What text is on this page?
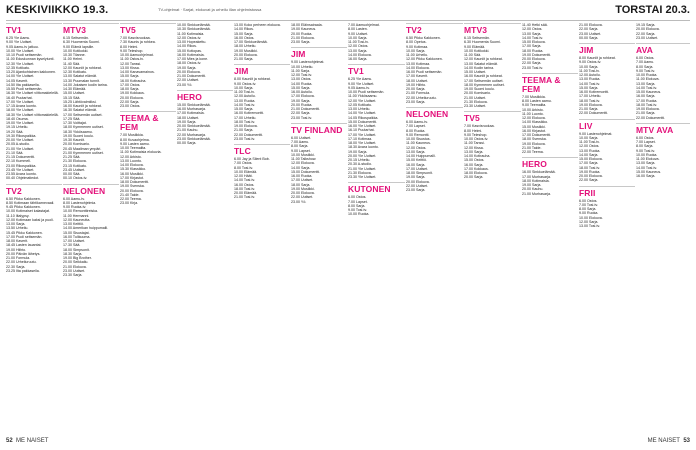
KESKIVIIKKO 19.3.	TV-ohjelmat · Sarjat, elokuvat ja urheilu illan ohjelmistossa	TORSTAI 20.3.
TV1
6.25 Yle Aamu.
9.00 Yle Uutiset.
9.05 Aamu-tv jatkuu.
10.00 Yle Uutiset.
10.10 Puoli seitsemän.
11.00 Eduskunnan kyselytunti.
12.30 Yle Uutiset.
12.35 Kotikatu.
13.20 Ajankohtainen kakkonen.
14.00 Yle Uutiset.
14.05 Kaverit.
14.50 Ilta pakkasella.
15.55 Puoli seitsemän.
16.30 Yle Uutiset viittomakielellä.
16.40 Puutarhat.
17.00 Yle Uutiset.
17.15 Avara luonto.
18.00 Yle Uutiset.
18.30 Yle Uutiset viittomakielellä.
18.40 Osuma.
19.00 Yle Uutiset.
19.15 Urheilu.
19.20 Sää.
19.30 Rikospaikka.
20.00 Yle Uutiset.
20.05 A-studio.
21.00 Yle Uutiset.
21.10 Sää.
21.15 Dokumentti.
22.10 Kummeli.
23.00 Rikospaikka.
23.45 Yle Uutiset.
23.55 Avara luonto.
00.40 Ohjelmatiedot.
TV2
6.50 Pikku Kakkonen.
8.50 Kotimaan tähtikarnevaali.
9.45 Pikku Kakkonen.
10.00 Kotimaiset kalastajat.
11.10 Iltalypsy.
12.00 Kotimaan kaksi ja puoli.
13.00 Sarja.
13.50 Urheilu.
15.45 Pikku Kakkonen.
17.00 Puoli seitsemän.
18.00 Kaverit.
18.45 Lasten lauantai.
19.00 Hiihto.
20.00 Päivän lähetys.
21.00 Formula.
22.00 Urheiluruutu.
22.30 Sarja.
23.25 Ilta pakkasella.
MTV3
6.15 Seitsemän.
6.30 Huomenta Suomi.
9.00 Elämä lapsille.
10.00 Kotikokki.
10.30 Tilanne.
11.00 Helmi.
11.40 Sää.
12.00 Kauniit ja rohkeat.
12.30 Kotikatu.
13.00 Salatut elämät.
13.30 Puumalan tunnit.
14.00 Jokaisen kodin tarina.
14.30 Elämää.
15.00 Uutiset.
15.15 Sää.
15.25 Lähtövalmiiksi.
16.00 Kauniit ja rohkeat.
16.30 Salatut elämät.
17.00 Seitsemän uutiset.
17.25 Sää.
17.30 Voittajat.
18.00 Kymmenen uutiset.
18.30 Ykkösaamu.
19.00 Suomi koulu.
19.30 Kauniit.
20.00 Komisario.
20.45 Maailman ympäri.
21.00 Kymmenen uutiset.
21.25 Sää.
21.30 Elokuva.
23.15 Kotikatu.
23.45 Uutiset.
00.00 Sää.
00.10 Ostos-tv.
NELONEN
6.00 Aamu-tv.
8.00 Lastenohjelmia.
9.00 Ruoka-tv.
10.00 Remonttireiska.
11.00 Hermanni.
12.00 Kauneutta.
13.00 Keittiö.
14.00 Amerikan huippumalli.
15.00 Sisustajat.
16.00 Tulikuuma.
17.00 Uutiset.
17.30 Sää.
18.00 Simpsonit.
18.30 Sarja.
19.00 Big Brother.
20.00 Seikkailu.
21.00 Elokuva.
23.00 Uutiset.
23.30 Sarja.
TV5
7.00 Kasvisruokaa.
7.30 Kaunis ja rohkea.
8.00 Helmi.
9.00 Teleshop.
10.00 Aamuohjelmat.
11.00 Ostos-tv.
12.00 Tanssi.
13.00 Kissa.
14.00 Kanavamainos.
15.00 Sarja.
16.00 Kotirauha.
17.00 Ostos.
18.00 Sarja.
19.00 Kokkaus.
20.00 Elokuva.
22.00 Sarja.
23.00 Ostos.
TEEMA & FEM
7.00 Musiikkia.
8.00 Kuvaohjelma.
9.00 Lasten aamu.
10.00 Teemailta.
11.00 Kotimaisia elokuvia.
12.00 Arkisto.
13.00 Luonto.
14.00 Elokuva.
15.30 Klassikko.
16.00 Musiikki.
17.00 Kirjastot.
18.00 Dokumentti.
19.00 Svenska.
20.00 Elokuva.
21.40 Taide.
22.00 Teema.
23.00 Kirja.
10.00 Sinkkuelämää.
10.30 Sinkkuelämää.
11.00 Kotimaisia.
12.00 Ostos-tv.
13.00 Hopeakettu.
14.00 Rikos.
15.00 Kotiopas.
16.00 Kotimaisia.
17.00 Mies ja kone.
18.00 Ostos-tv.
19.00 Sarja.
20.00 Elokuva.
21.00 Dokumentti.
22.00 Uutiset.
23.00 Yö.
HERO
15.00 Sinkkuelämää.
16.00 Murhasarja.
17.00 Kotimaisia.
18.00 Uutiset.
19.00 Sarja.
20.00 Sinkkuelämää.
21.00 Kauhu.
22.00 Murhasarja.
23.00 Sinkkuelämää.
00.00 Sarja.
13.00 Koko perheen elokuva.
14.00 Rikos.
15.00 Sarja.
16.00 Ostos.
17.00 Sinkkuelämää.
18.00 Urheilu.
19.00 Musiikki.
20.00 Elokuva.
21.00 Sarja.
JIM
8.00 Kauniit ja rohkeat.
9.00 Ostos-tv.
10.00 Sarja.
11.00 Tosi-tv.
12.00 Autoilu.
13.00 Ruoka.
14.00 Tosi-tv.
15.00 Sarja.
16.00 Kotiremontti.
17.00 Urheilu.
18.00 Tosi-tv.
19.00 Elokuva.
21.00 Sarja.
22.00 Dokumentti.
23.00 Tosi-tv.
TLC
6.00 Jay ja Silent Bob.
7.00 Ostos.
8.00 Tosi-tv.
10.00 Elämää.
12.00 Häät.
14.00 Tosi-tv.
16.00 Ostos.
18.00 Tosi-tv.
20.00 Elämää.
21.00 Tosi-tv.
18.00 Eläinsairaala.
19.00 Kauneus.
20.00 Ruoka.
21.00 Elokuva.
23.00 Sarja.
JIM
9.00 Lastenohjelmat.
10.00 Urheilu.
11.00 Sarja.
12.00 Tosi-tv.
13.00 Ostos.
14.00 Ruoka.
15.00 Sarja.
16.00 Autoilu.
17.00 Elokuva.
19.00 Sarja.
20.00 Ruoka.
21.00 Dokumentti.
22.00 Sarja.
23.00 Tosi-tv.
TV FINLAND
6.00 Uutiset.
7.00 Aamu.
8.00 Sarja.
9.00 Lapset.
10.00 Musiikki.
11.00 Talkshow.
12.00 Elokuva.
14.00 Sarja.
15.00 Dokumentti.
16.00 Ruoka.
17.00 Uutiset.
18.00 Sarja.
19.00 Musiikki.
20.00 Elokuva.
22.00 Uutiset.
23.00 Yö.
7.00 Aamuohjelmat.
8.00 Lasten.
9.00 Uutiset.
10.00 Sarja.
11.00 Tosi-tv.
12.00 Ostos.
13.00 Sarja.
14.00 Elokuva.
16.00 Sarja.
TV1
6.25 Yle Aamu.
9.00 Yle Uutiset.
9.05 Aamu-tv.
10.00 Puoli seitsemän.
11.00 Ykkösaamu.
12.00 Yle Uutiset.
12.05 Kotikatu.
13.00 Urheilu.
14.00 Yle Uutiset.
14.05 Rikospaikka.
15.00 Dokumentti.
16.00 Yle Uutiset.
16.10 Puutarhat.
17.00 Yle Uutiset.
17.10 Kotimaa.
18.00 Yle Uutiset.
18.30 Avara luonto.
19.00 Sarja.
20.00 Yle Uutiset.
20.15 Urheilu.
20.30 A-studio.
21.00 Yle Uutiset.
21.30 Elokuva.
23.30 Yle Uutiset.
KUTONEN
6.00 Ostos.
7.00 Lapset.
8.00 Sarja.
9.00 Tosi-tv.
10.00 Ruoka.
TV2
6.50 Pikku Kakkonen.
8.00 Opetus.
9.00 Kotimaa.
10.00 Sarja.
11.00 Urheilu.
12.00 Pikku Kakkonen.
13.00 Kotimaa.
14.00 Elokuva.
16.00 Puoli seitsemän.
17.00 Kaverit.
18.00 Uutiset.
19.00 Hiihto.
20.00 Sarja.
21.00 Formula.
22.00 Urheiluruutu.
23.00 Sarja.
NELONEN
6.00 Aamu-tv.
7.00 Lapset.
8.00 Ruoka.
9.00 Remontti.
10.00 Sisustus.
11.00 Kauneus.
12.00 Ostos.
13.00 Sarja.
14.00 Huippumalli.
15.00 Keittiö.
16.00 Sarja.
17.00 Uutiset.
18.00 Simpsonit.
19.00 Sarja.
20.00 Elokuva.
22.00 Uutiset.
23.00 Sarja.
MTV3
6.15 Seitsemän.
6.30 Huomenta Suomi.
9.00 Elämää.
10.00 Kotikokki.
11.00 Sää.
12.00 Kauniit ja rohkeat.
13.00 Salatut elämät.
14.00 Kodin tarina.
15.00 Uutiset.
16.00 Kauniit ja rohkeat.
17.00 Seitsemän uutiset.
18.00 Kymmenen uutiset.
19.00 Suomi koulu.
20.00 Komisario.
21.00 Uutiset.
21.30 Elokuva.
23.30 Uutiset.
TV5
7.00 Kasvisruokaa.
8.00 Helmi.
9.00 Teleshop.
10.00 Ostos-tv.
11.00 Tanssi.
12.00 Kissa.
13.00 Sarja.
14.00 Kotirauha.
15.00 Ostos.
16.00 Sarja.
17.00 Kokkaus.
18.00 Elokuva.
20.00 Sarja.
11.40 Hetki sää.
12.00 Ostos.
13.00 Sarja.
14.00 Tosi-tv.
15.00 Elokuva.
17.00 Sarja.
18.00 Ruoka.
19.00 Dokumentti.
20.00 Elokuva.
22.00 Sarja.
23.00 Tosi-tv.
TEEMA & FEM
7.00 Musiikkia.
8.00 Lasten aamu.
9.00 Teemailta.
10.00 Arkisto.
11.00 Luonto.
12.00 Elokuva.
14.00 Klassikko.
15.00 Musiikki.
16.00 Kirjastot.
17.00 Dokumentti.
18.00 Svenska.
19.00 Elokuva.
21.00 Taide.
22.00 Teema.
HERO
16.00 Sinkkuelämää.
17.00 Murhasarja.
18.00 Kotimaisia.
19.00 Sarja.
20.00 Kauhu.
21.00 Murhasarja.
21.00 Elokuva.
22.00 Sarja.
23.00 Uutiset.
00.00 Sarja.
JIM
8.00 Kauniit ja rohkeat.
9.00 Ostos-tv.
10.00 Sarja.
11.00 Tosi-tv.
12.00 Autoilu.
13.00 Ruoka.
14.00 Tosi-tv.
15.00 Sarja.
16.00 Kotiremontti.
17.00 Urheilu.
18.00 Tosi-tv.
19.00 Elokuva.
21.00 Sarja.
22.00 Dokumentti.
LIV
9.00 Lastenohjelmat.
10.00 Sarja.
11.00 Tosi-tv.
12.00 Ostos.
13.00 Ruoka.
14.00 Sarja.
15.00 Elokuva.
17.00 Sarja.
18.00 Tosi-tv.
19.00 Ruoka.
20.00 Elokuva.
22.00 Sarja.
FRII
6.00 Ostos.
7.00 Tosi-tv.
8.00 Sarja.
9.00 Ruoka.
10.00 Elokuva.
12.00 Sarja.
13.00 Tosi-tv.
19.15 Sarja.
20.00 Elokuva.
22.00 Sarja.
23.00 Uutiset.
AVA
6.00 Ostos.
7.00 Aamu.
8.00 Sarja.
9.00 Tosi-tv.
10.00 Ruoka.
11.00 Elokuva.
13.00 Sarja.
14.00 Tosi-tv.
15.00 Kauneus.
16.00 Sarja.
17.00 Ruoka.
18.00 Tosi-tv.
19.00 Elokuva.
21.00 Sarja.
22.00 Dokumentti.
MTV AVA
6.00 Ostos.
7.00 Lapset.
8.00 Sarja.
9.00 Tosi-tv.
10.00 Ruoka.
11.00 Elokuva.
13.00 Sarja.
14.00 Tosi-tv.
15.00 Kauneus.
16.00 Sarja.
52 ME NAISET	ME NAISET 53
